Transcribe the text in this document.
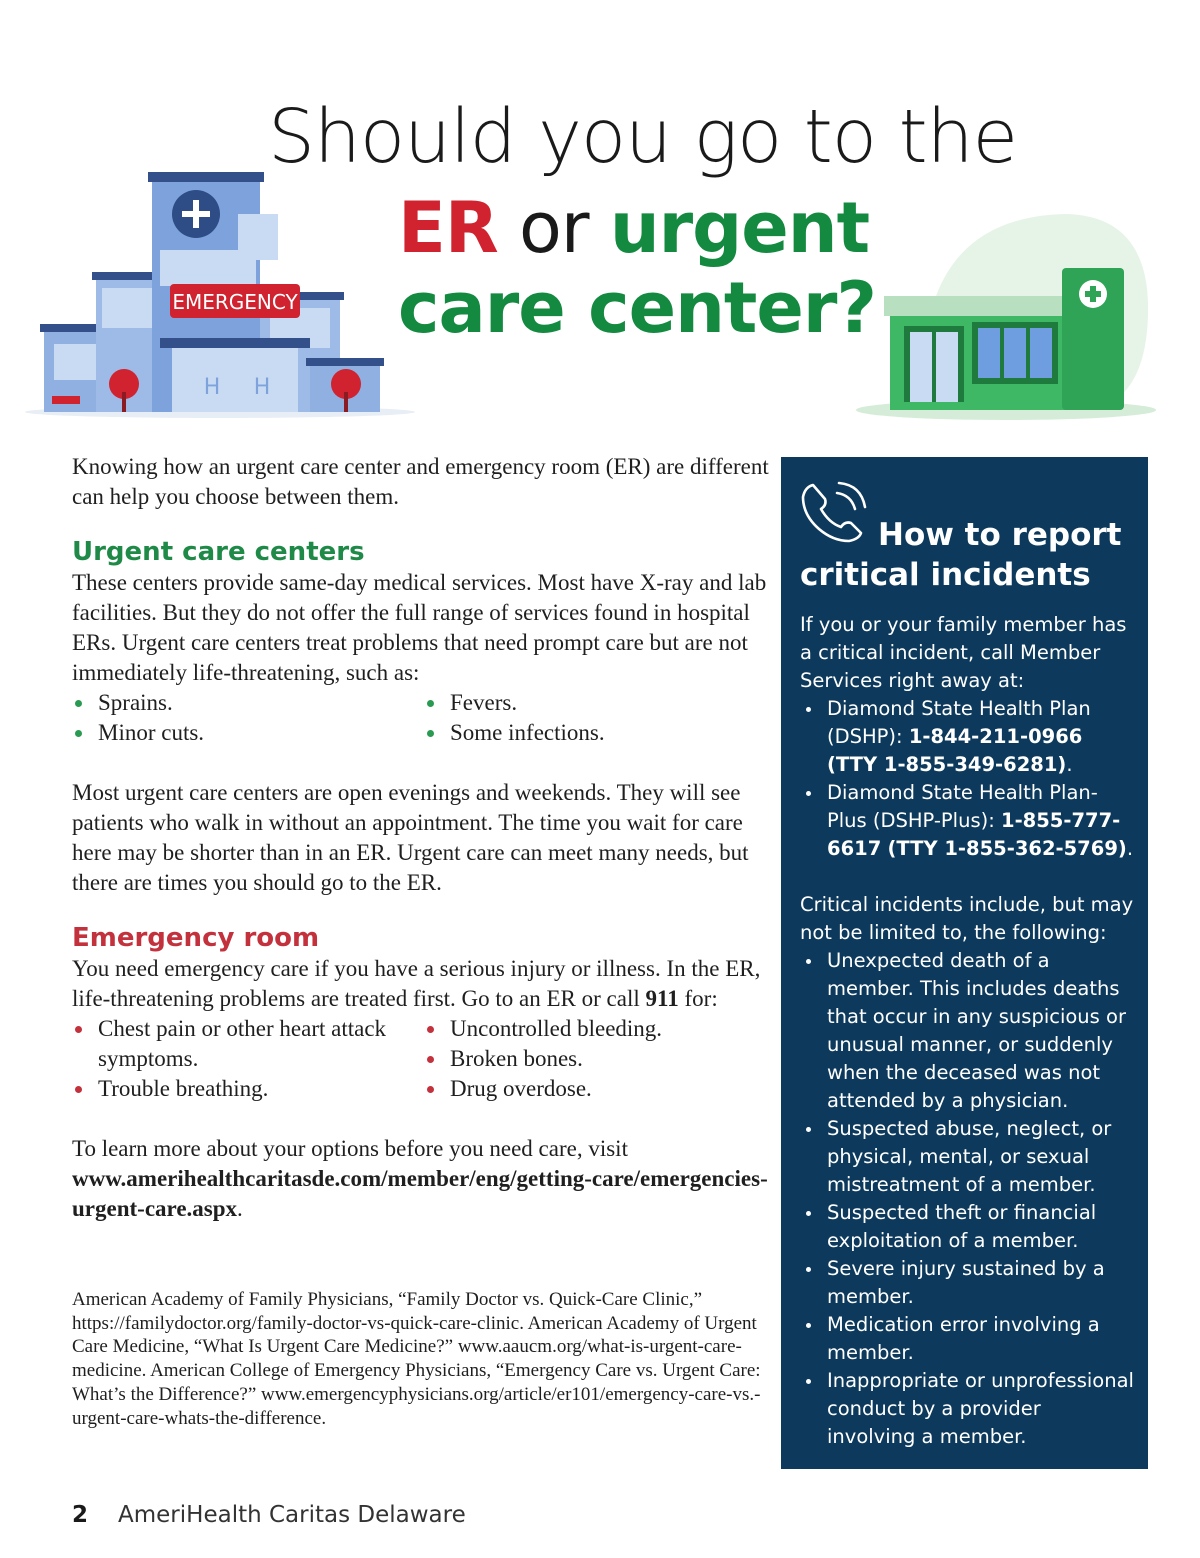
Should you go to the
ER or urgent
care center?
EMERGENCY
H H

Knowing how an urgent care center and emergency room (ER) are different can help you choose between them.

Urgent care centers

These centers provide same-day medical services. Most have X-ray and lab facilities. But they do not offer the full range of services found in hospital ERs. Urgent care centers treat problems that need prompt care but are not immediately life-threatening, such as:

Sprains.
Minor cuts.
Fevers.
Some infections.

Most urgent care centers are open evenings and weekends. They will see patients who walk in without an appointment. The time you wait for care here may be shorter than in an ER. Urgent care can meet many needs, but there are times you should go to the ER.

Emergency room

You need emergency care if you have a serious injury or illness. In the ER, life-threatening problems are treated first. Go to an ER or call 911 for:

Chest pain or other heart attack symptoms.
Trouble breathing.
Uncontrolled bleeding.
Broken bones.
Drug overdose.

To learn more about your options before you need care, visit www.amerihealthcaritasde.com/member/eng/getting-care/emergencies-urgent-care.aspx.

American Academy of Family Physicians, “Family Doctor vs. Quick-Care Clinic,” https://familydoctor.org/family-doctor-vs-quick-care-clinic. American Academy of Urgent Care Medicine, “What Is Urgent Care Medicine?” www.aaucm.org/what-is-urgent-care-medicine. American College of Emergency Physicians, “Emergency Care vs. Urgent Care: What’s the Difference?” www.emergencyphysicians.org/article/er101/emergency-care-vs.-urgent-care-whats-the-difference.

How to report
critical incidents

If you or your family member has a critical incident, call Member Services right away at:

Diamond State Health Plan (DSHP): 1-844-211-0966 (TTY 1-855-349-6281).
Diamond State Health Plan-Plus (DSHP-Plus): 1-855-777-6617 (TTY 1-855-362-5769).

Critical incidents include, but may not be limited to, the following:

Unexpected death of a member. This includes deaths that occur in any suspicious or unusual manner, or suddenly when the deceased was not attended by a physician.
Suspected abuse, neglect, or physical, mental, or sexual mistreatment of a member.
Suspected theft or financial exploitation of a member.
Severe injury sustained by a member.
Medication error involving a member.
Inappropriate or unprofessional conduct by a provider involving a member.
2 AmeriHealth Caritas Delaware
